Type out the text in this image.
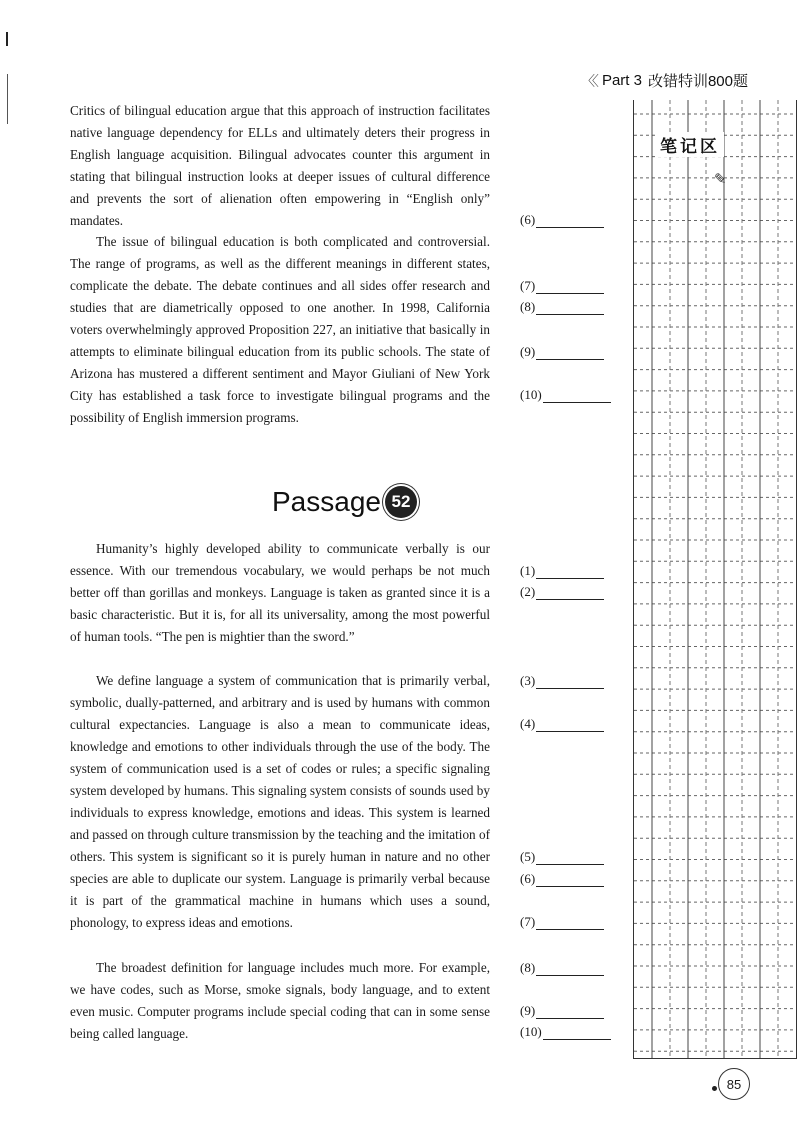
〈〈 Part 3 改错特训800题
笔记区
✎

Critics of bilingual education argue that this approach of instruction facilitates native language dependency for ELLs and ultimately deters their progress in English language acquisition. Bilingual advocates counter this argument in stating that bilingual instruction looks at deeper issues of cultural difference and prevents the sort of alienation often empowering in “English only” mandates.

The issue of bilingual education is both complicated and controversial. The range of programs, as well as the different meanings in different states, complicate the debate. The debate continues and all sides offer research and studies that are diametrically opposed to one another. In 1998, California voters overwhelmingly approved Proposition 227, an initiative that basically in attempts to eliminate bilingual education from its public schools. The state of Arizona has mustered a different sentiment and Mayor Giuliani of New York City has established a task force to investigate bilingual programs and the possibility of English immersion programs.

(6)
(7)
(8)
(9)
(10)
Passage 52

Humanity’s highly developed ability to communicate verbally is our essence. With our tremendous vocabulary, we would perhaps be not much better off than gorillas and monkeys. Language is taken as granted since it is a basic characteristic. But it is, for all its universality, among the most powerful of human tools. “The pen is mightier than the sword.”

We define language a system of communication that is primarily verbal, symbolic, dually-patterned, and arbitrary and is used by humans with common cultural expectancies. Language is also a mean to communicate ideas, knowledge and emotions to other individuals through the use of the body. The system of communication used is a set of codes or rules; a specific signaling system developed by humans. This signaling system consists of sounds used by individuals to express knowledge, emotions and ideas. This system is learned and passed on through culture transmission by the teaching and the imitation of others. This system is significant so it is purely human in nature and no other species are able to duplicate our system. Language is primarily verbal because it is part of the grammatical machine in humans which uses a sound, phonology, to express ideas and emotions.

The broadest definition for language includes much more. For example, we have codes, such as Morse, smoke signals, body language, and to extent even music. Computer programs include special coding that can in some sense being called language.

(1)
(2)
(3)
(4)
(5)
(6)
(7)
(8)
(9)
(10)
85
